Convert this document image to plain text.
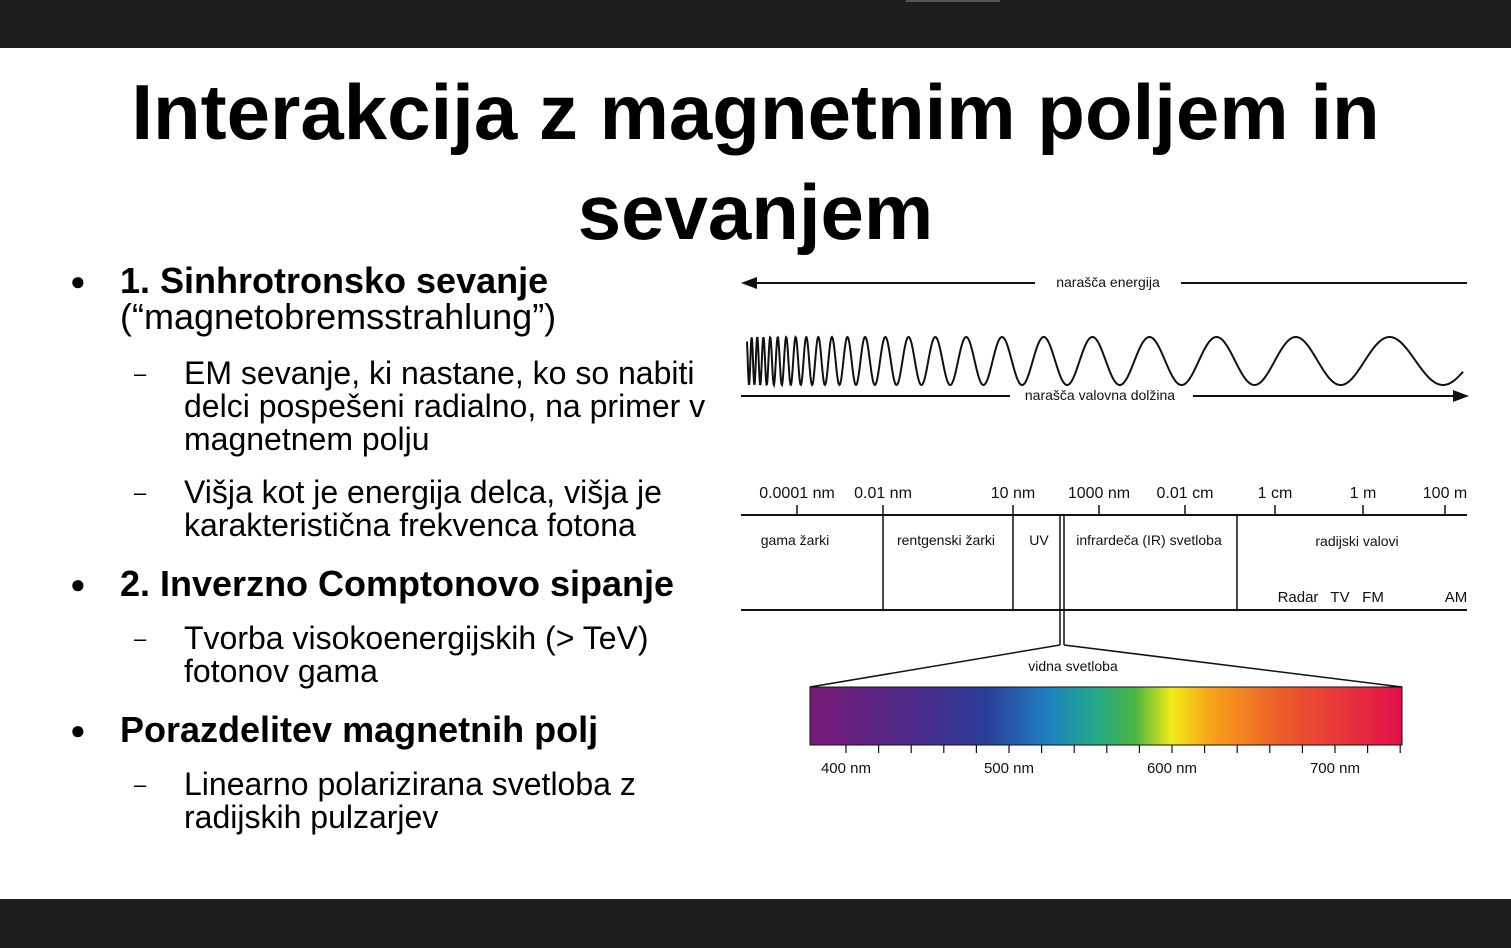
Interakcija z magnetnim poljem in sevanjem
● 1. Sinhrotronsko sevanje
(“magnetobremsstrahlung”)
– EM sevanje, ki nastane, ko so nabiti delci pospešeni radialno, na primer v magnetnem polju
– Višja kot je energija delca, višja je karakteristična frekvenca fotona
● 2. Inverzno Comptonovo sipanje
– Tvorba visokoenergijskih (> TeV) fotonov gama
● Porazdelitev magnetnih polj
– Linearno polarizirana svetloba z radijskih pulzarjev
narašča energija
narašča valovna dolžina
0.0001 nm 0.01 nm	10 nm 1000 nm 0.01 cm	1 cm	1 m	100 m
gama žarki	rentgenski žarki UV infrardeča (IR) svetloba	radijski valovi
Radar TV FM	AM
vidna svetloba
400 nm	500 nm	600 nm	700 nm
